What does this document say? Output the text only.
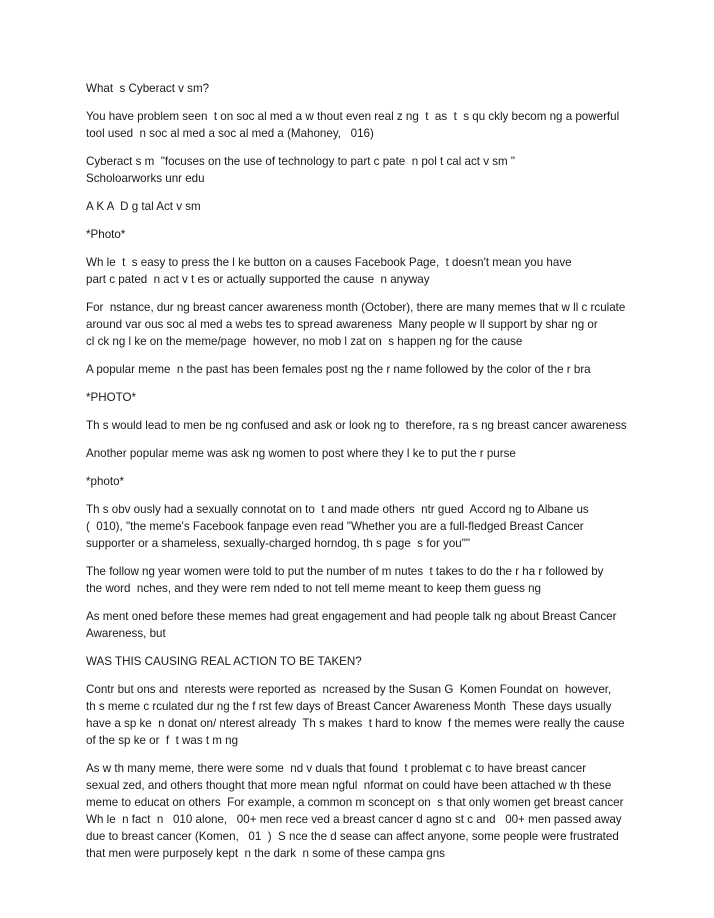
What  s Cyberact v sm?
You have problem seen  t on soc al med a w thout even real z ng  t  as  t  s qu ckly becom ng a powerful
tool used  n soc al med a soc al med a (Mahoney,   016)
Cyberact s m  "focuses on the use of technology to part c pate  n pol t cal act v sm "
Scholoarworks unr edu
A K A  D g tal Act v sm
*Photo*
Wh le  t  s easy to press the l ke button on a causes Facebook Page,  t doesn't mean you have
part c pated  n act v t es or actually supported the cause  n anyway
For  nstance, dur ng breast cancer awareness month (October), there are many memes that w ll c rculate
around var ous soc al med a webs tes to spread awareness  Many people w ll support by shar ng or
cl ck ng l ke on the meme/page  however, no mob l zat on  s happen ng for the cause
A popular meme  n the past has been females post ng the r name followed by the color of the r bra
*PHOTO*
Th s would lead to men be ng confused and ask or look ng to  therefore, ra s ng breast cancer awareness
Another popular meme was ask ng women to post where they l ke to put the r purse
*photo*
Th s obv ously had a sexually connotat on to  t and made others  ntr gued  Accord ng to Albane us
(  010), "the meme's Facebook fanpage even read "Whether you are a full-fledged Breast Cancer
supporter or a shameless, sexually-charged horndog, th s page  s for you""
The follow ng year women were told to put the number of m nutes  t takes to do the r ha r followed by
the word  nches, and they were rem nded to not tell meme meant to keep them guess ng
As ment oned before these memes had great engagement and had people talk ng about Breast Cancer
Awareness, but
WAS THIS CAUSING REAL ACTION TO BE TAKEN?
Contr but ons and  nterests were reported as  ncreased by the Susan G  Komen Foundat on  however,
th s meme c rculated dur ng the f rst few days of Breast Cancer Awareness Month  These days usually
have a sp ke  n donat on/ nterest already  Th s makes  t hard to know  f the memes were really the cause
of the sp ke or  f  t was t m ng
As w th many meme, there were some  nd v duals that found  t problemat c to have breast cancer
sexual zed, and others thought that more mean ngful  nformat on could have been attached w th these
meme to educat on others  For example, a common m sconcept on  s that only women get breast cancer
Wh le  n fact  n   010 alone,   00+ men rece ved a breast cancer d agno st c and   00+ men passed away
due to breast cancer (Komen,   01  )  S nce the d sease can affect anyone, some people were frustrated
that men were purposely kept  n the dark  n some of these campa gns
